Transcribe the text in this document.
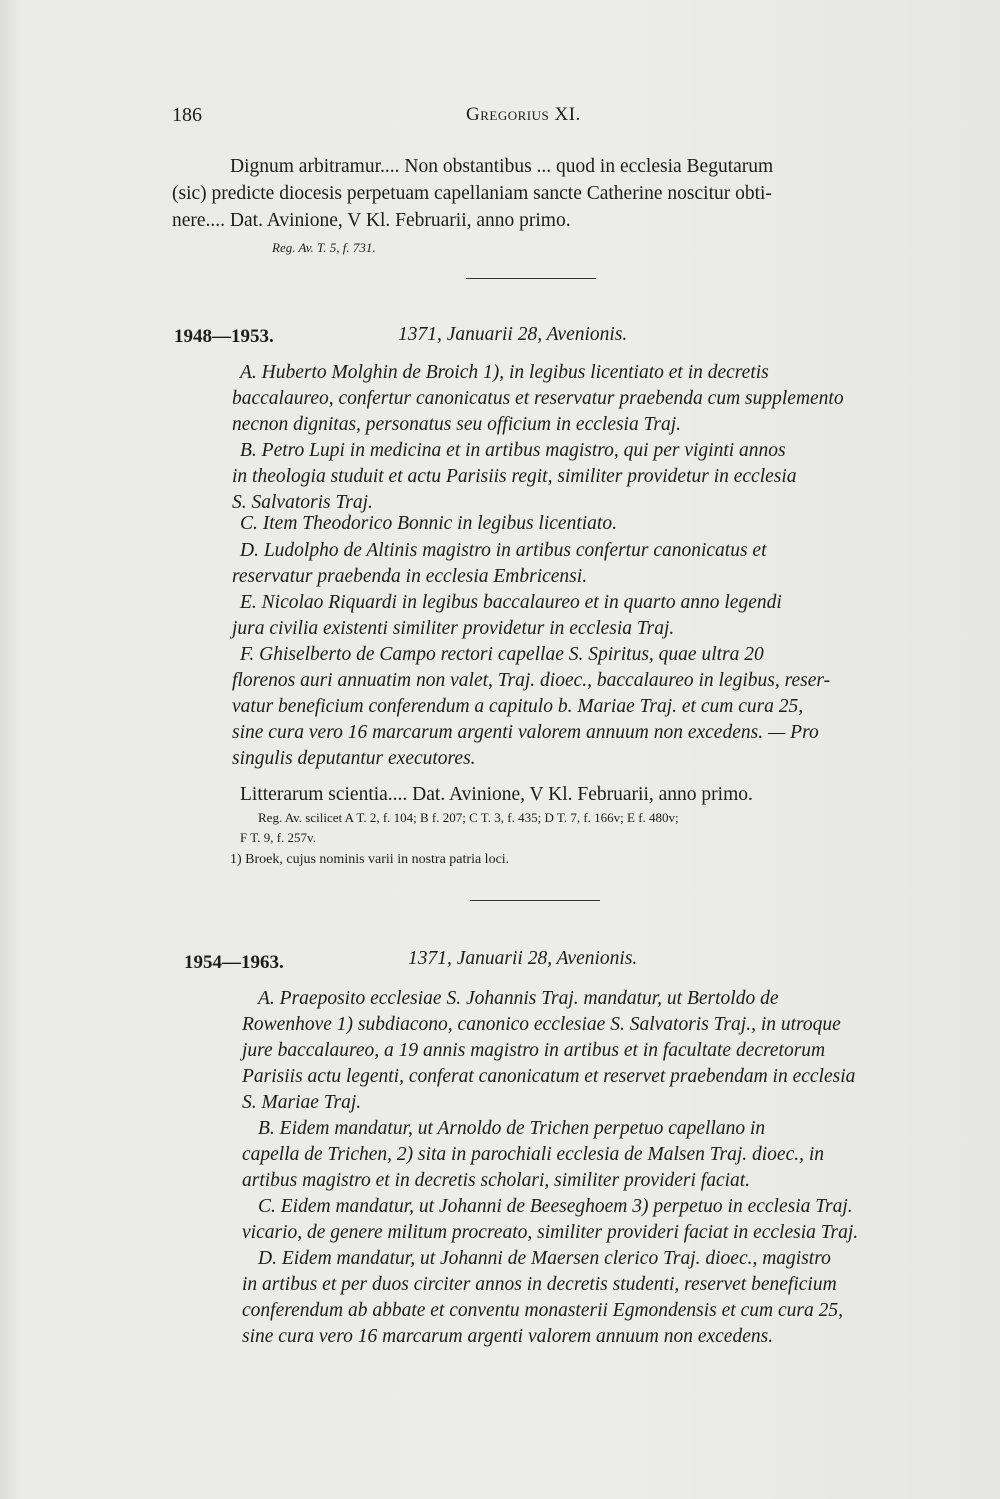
186	Gregorius XI.
Dignum arbitramur.... Non obstantibus ... quod in ecclesia Begutarum
(sic) predicte diocesis perpetuam capellaniam sancte Catherine noscitur obti-
nere.... Dat. Avinione, V Kl. Februarii, anno primo.
Reg. Av. T. 5, f. 731.
1948—1953.	1371, Januarii 28, Avenionis.
A. Huberto Molghin de Broich 1), in legibus licentiato et in decretis
baccalaureo, confertur canonicatus et reservatur praebenda cum supplemento
necnon dignitas, personatus seu officium in ecclesia Traj.
B. Petro Lupi in medicina et in artibus magistro, qui per viginti annos
in theologia studuit et actu Parisiis regit, similiter providetur in ecclesia
S. Salvatoris Traj.
C. Item Theodorico Bonnic in legibus licentiato.
D. Ludolpho de Altinis magistro in artibus confertur canonicatus et
reservatur praebenda in ecclesia Embricensi.
E. Nicolao Riquardi in legibus baccalaureo et in quarto anno legendi
jura civilia existenti similiter providetur in ecclesia Traj.
F. Ghiselberto de Campo rectori capellae S. Spiritus, quae ultra 20
florenos auri annuatim non valet, Traj. dioec., baccalaureo in legibus, reser-
vatur beneficium conferendum a capitulo b. Mariae Traj. et cum cura 25,
sine cura vero 16 marcarum argenti valorem annuum non excedens. — Pro
singulis deputantur executores.
Litterarum scientia.... Dat. Avinione, V Kl. Februarii, anno primo.
Reg. Av. scilicet A T. 2, f. 104; B f. 207; C T. 3, f. 435; D T. 7, f. 166v; E f. 480v;
F T. 9, f. 257v.
1) Broek, cujus nominis varii in nostra patria loci.
1954—1963.	1371, Januarii 28, Avenionis.
A. Praeposito ecclesiae S. Johannis Traj. mandatur, ut Bertoldo de
Rowenhove 1) subdiacono, canonico ecclesiae S. Salvatoris Traj., in utroque
jure baccalaureo, a 19 annis magistro in artibus et in facultate decretorum
Parisiis actu legenti, conferat canonicatum et reservet praebendam in ecclesia
S. Mariae Traj.
B. Eidem mandatur, ut Arnoldo de Trichen perpetuo capellano in
capella de Trichen, 2) sita in parochiali ecclesia de Malsen Traj. dioec., in
artibus magistro et in decretis scholari, similiter provideri faciat.
C. Eidem mandatur, ut Johanni de Beeseghoem 3) perpetuo in ecclesia Traj.
vicario, de genere militum procreato, similiter provideri faciat in ecclesia Traj.
D. Eidem mandatur, ut Johanni de Maersen clerico Traj. dioec., magistro
in artibus et per duos circiter annos in decretis studenti, reservet beneficium
conferendum ab abbate et conventu monasterii Egmondensis et cum cura 25,
sine cura vero 16 marcarum argenti valorem annuum non excedens.
